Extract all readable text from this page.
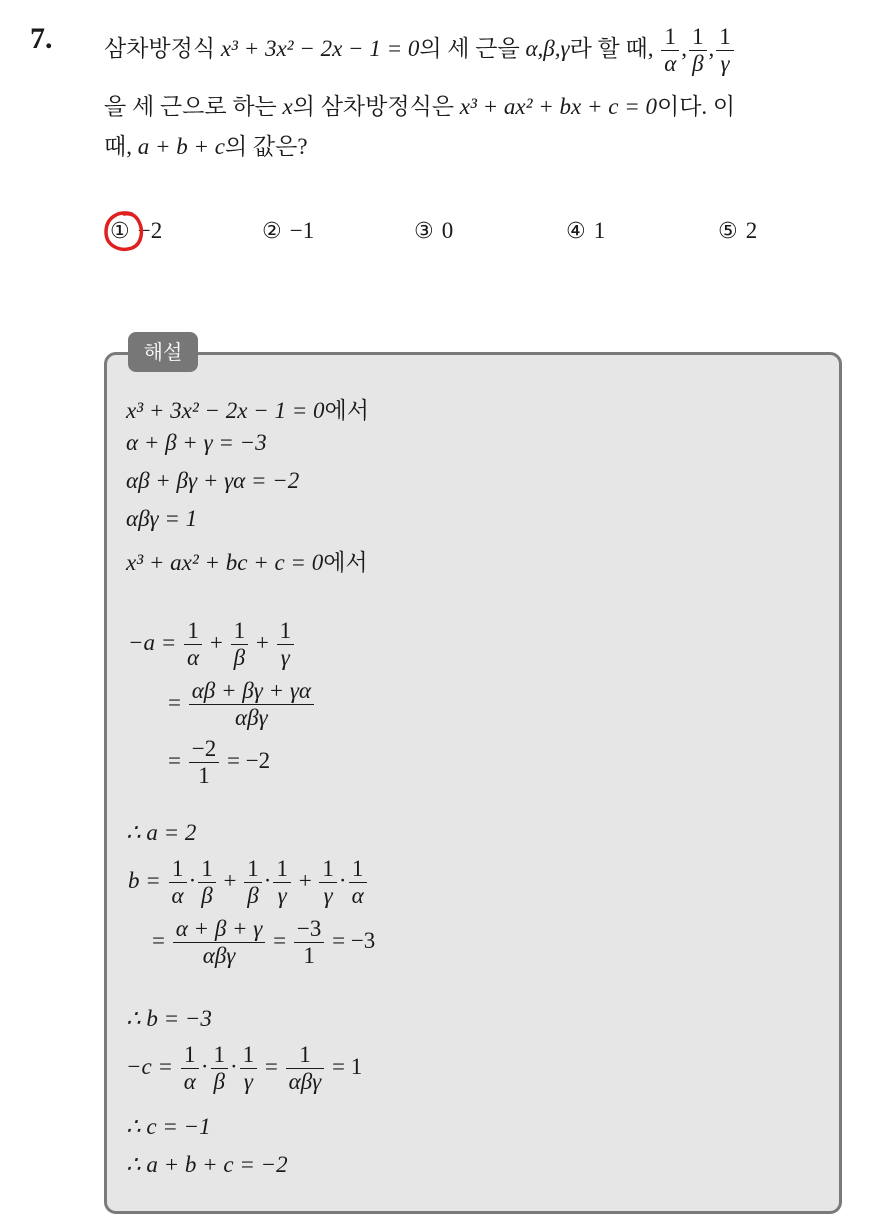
7. 삼차방정식 x³ + 3x² − 2x − 1 = 0의 세 근을 α,β,γ라 할 때, $\frac{1}{\alpha}$ , $\frac{1}{\beta}$ , $\frac{1}{\gamma}$
을 세 근으로 하는 x의 삼차방정식은 x³ + ax² + bx + c = 0이다. 이
때, a + b + c의 값은?
① −2	② −1	③ 0	④ 1	⑤ 2
해설
x³ + 3x² − 2x − 1 = 0에서
α + β + γ = −3
αβ + βγ + γα = −2
αβγ = 1
x³ + ax² + bc + c = 0에서
$-a = \frac{1}{\alpha} + \frac{1}{\beta} + \frac{1}{\gamma}$
= $\frac{\alpha\beta + \beta\gamma + \gamma\alpha}{\text{αβγ}}$
= $\frac{-2}{1} = -2$
∴ a = 2
$b = \frac{1}{\alpha} \cdot \frac{1}{\beta} + \frac{1}{\beta} \cdot \frac{1}{\gamma} + \frac{1}{\gamma} \cdot \frac{1}{\alpha}$
= $\frac{\alpha + \beta + \gamma}{\text{αβγ}} = \frac{-3}{1} = -3$
∴ b = −3
$-c = \frac{1}{\alpha} \cdot \frac{1}{\beta} \cdot \frac{1}{\gamma} = \frac{1}{\text{αβγ}} = 1$
∴ c = −1
∴ a + b + c = −2
